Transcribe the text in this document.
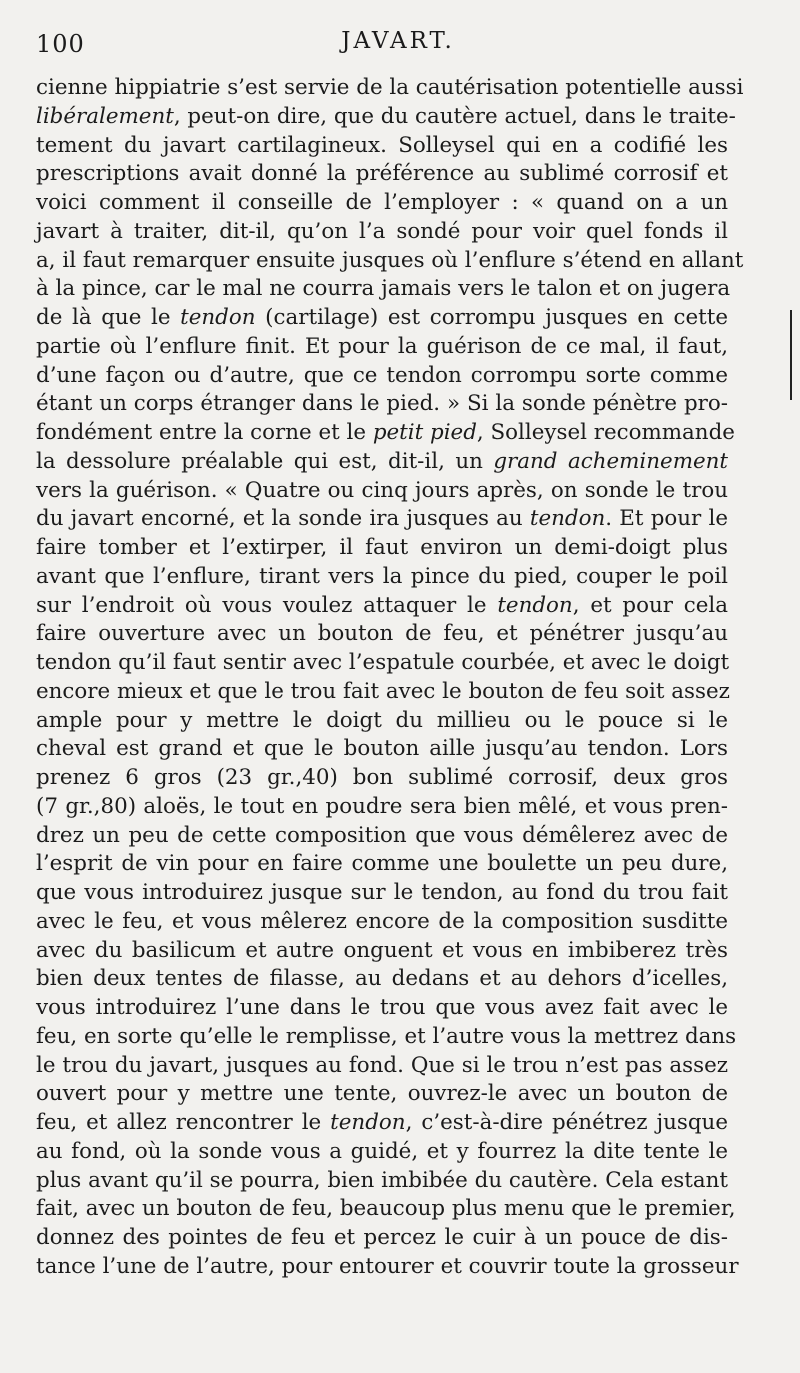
100	JAVART.
cienne hippiatrie s’est servie de la cautérisation potentielle aussi
libéralement, peut-on dire, que du cautère actuel, dans le traite-
tement du javart cartilagineux. Solleysel qui en a codifié les
prescriptions avait donné la préférence au sublimé corrosif et
voici comment il conseille de l’employer : « quand on a un
javart à traiter, dit-il, qu’on l’a sondé pour voir quel fonds il
a, il faut remarquer ensuite jusques où l’enflure s’étend en allant
à la pince, car le mal ne courra jamais vers le talon et on jugera
de là que le tendon (cartilage) est corrompu jusques en cette
partie où l’enflure finit. Et pour la guérison de ce mal, il faut,
d’une façon ou d’autre, que ce tendon corrompu sorte comme
étant un corps étranger dans le pied. » Si la sonde pénètre pro-
fondément entre la corne et le petit pied, Solleysel recommande
la dessolure préalable qui est, dit-il, un grand acheminement
vers la guérison. « Quatre ou cinq jours après, on sonde le trou
du javart encorné, et la sonde ira jusques au tendon. Et pour le
faire tomber et l’extirper, il faut environ un demi-doigt plus
avant que l’enflure, tirant vers la pince du pied, couper le poil
sur l’endroit où vous voulez attaquer le tendon, et pour cela
faire ouverture avec un bouton de feu, et pénétrer jusqu’au
tendon qu’il faut sentir avec l’espatule courbée, et avec le doigt
encore mieux et que le trou fait avec le bouton de feu soit assez
ample pour y mettre le doigt du millieu ou le pouce si le
cheval est grand et que le bouton aille jusqu’au tendon. Lors
prenez 6 gros (23 gr.,40) bon sublimé corrosif, deux gros
(7 gr.,80) aloës, le tout en poudre sera bien mêlé, et vous pren-
drez un peu de cette composition que vous démêlerez avec de
l’esprit de vin pour en faire comme une boulette un peu dure,
que vous introduirez jusque sur le tendon, au fond du trou fait
avec le feu, et vous mêlerez encore de la composition susditte
avec du basilicum et autre onguent et vous en imbiberez très
bien deux tentes de filasse, au dedans et au dehors d’icelles,
vous introduirez l’une dans le trou que vous avez fait avec le
feu, en sorte qu’elle le remplisse, et l’autre vous la mettrez dans
le trou du javart, jusques au fond. Que si le trou n’est pas assez
ouvert pour y mettre une tente, ouvrez-le avec un bouton de
feu, et allez rencontrer le tendon, c’est-à-dire pénétrez jusque
au fond, où la sonde vous a guidé, et y fourrez la dite tente le
plus avant qu’il se pourra, bien imbibée du cautère. Cela estant
fait, avec un bouton de feu, beaucoup plus menu que le premier,
donnez des pointes de feu et percez le cuir à un pouce de dis-
tance l’une de l’autre, pour entourer et couvrir toute la grosseur
